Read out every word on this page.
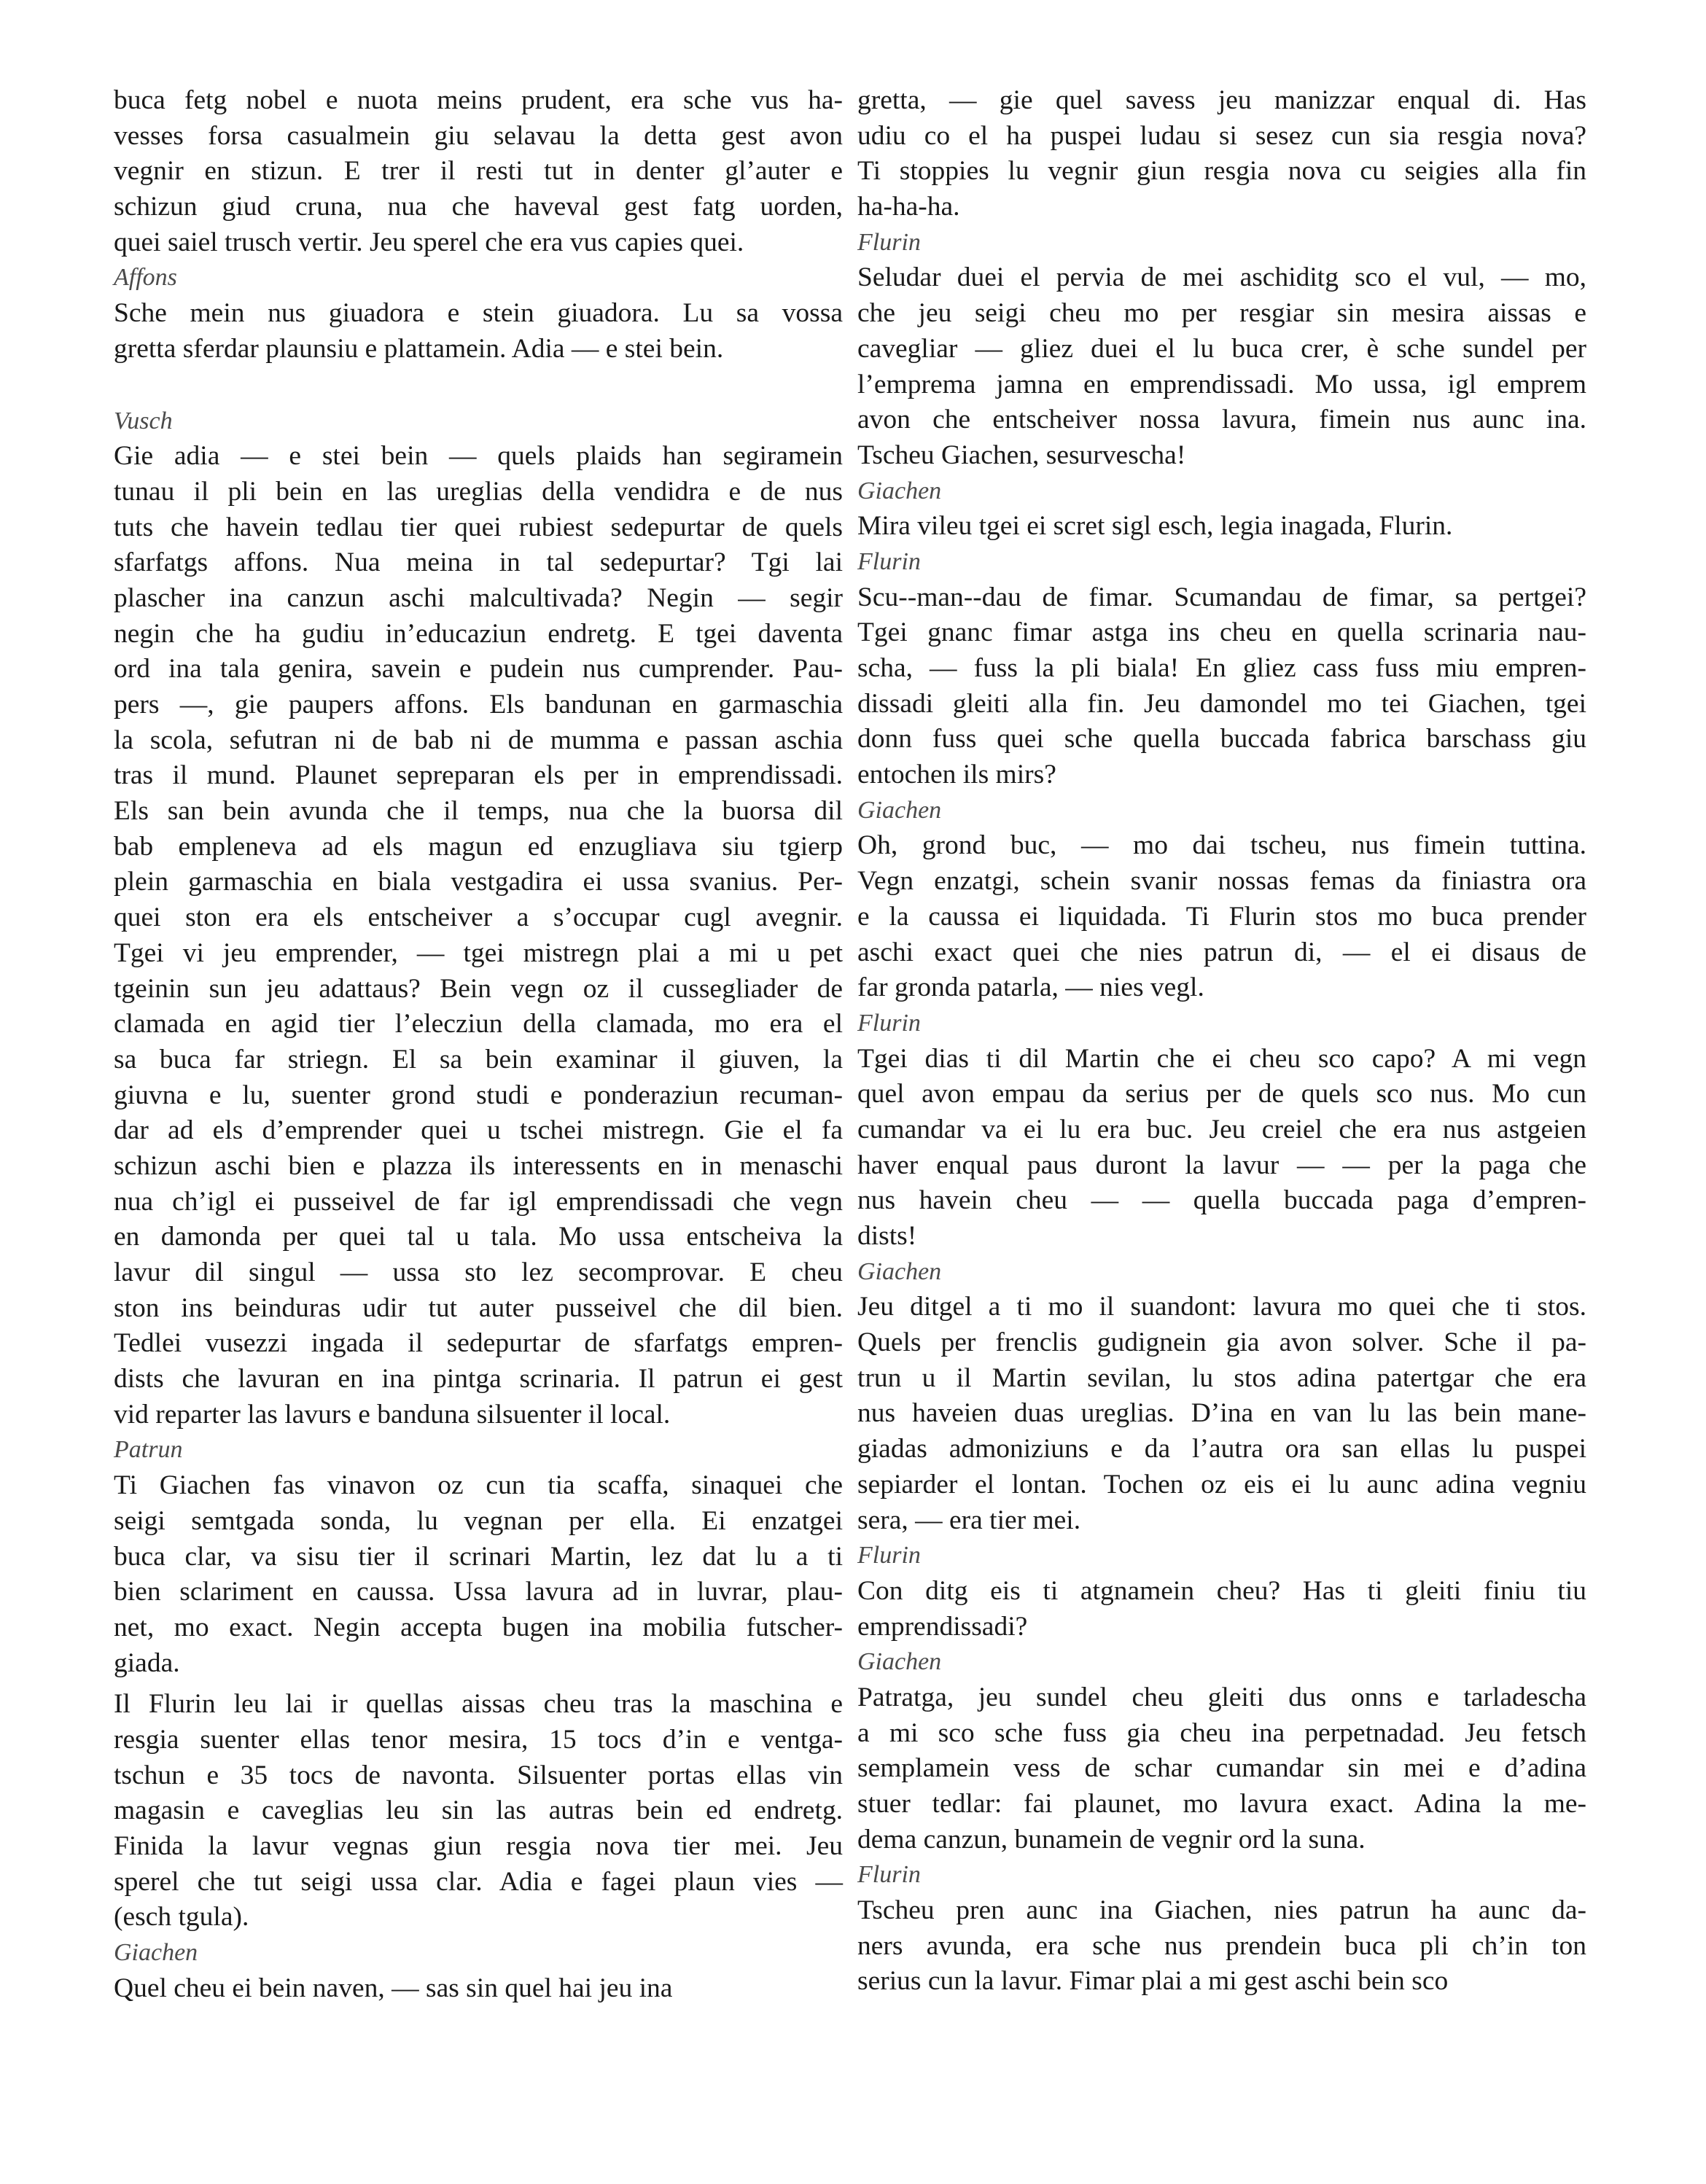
buca fetg nobel e nuota meins prudent, era sche vus ha-
vesses forsa casualmein giu selavau la detta gest avon
vegnir en stizun. E trer il resti tut in denter gl’auter e
schizun giud cruna, nua che haveval gest fatg uorden,
quei saiel trusch vertir. Jeu sperel che era vus capies quei.
Affons
Sche mein nus giuadora e stein giuadora. Lu sa vossa
gretta sferdar plaunsiu e plattamein. Adia — e stei bein.
Vusch
Gie adia — e stei bein — quels plaids han segiramein
tunau il pli bein en las ureglias della vendidra e de nus
tuts che havein tedlau tier quei rubiest sedepurtar de quels
sfarfatgs affons. Nua meina in tal sedepurtar? Tgi lai
plascher ina canzun aschi malcultivada? Negin — segir
negin che ha gudiu in’educaziun endretg. E tgei daventa
ord ina tala genira, savein e pudein nus cumprender. Pau-
pers —, gie paupers affons. Els bandunan en garmaschia
la scola, sefutran ni de bab ni de mumma e passan aschia
tras il mund. Plaunet sepreparan els per in emprendissadi.
Els san bein avunda che il temps, nua che la buorsa dil
bab empleneva ad els magun ed enzugliava siu tgierp
plein garmaschia en biala vestgadira ei ussa svanius. Per-
quei ston era els entscheiver a s’occupar cugl avegnir.
Tgei vi jeu emprender, — tgei mistregn plai a mi u pet
tgeinin sun jeu adattaus? Bein vegn oz il cussegliader de
clamada en agid tier l’elecziun della clamada, mo era el
sa buca far striegn. El sa bein examinar il giuven, la
giuvna e lu, suenter grond studi e ponderaziun recuman-
dar ad els d’emprender quei u tschei mistregn. Gie el fa
schizun aschi bien e plazza ils interessents en in menaschi
nua ch’igl ei pusseivel de far igl emprendissadi che vegn
en damonda per quei tal u tala. Mo ussa entscheiva la
lavur dil singul — ussa sto lez secomprovar. E cheu
ston ins beinduras udir tut auter pusseivel che dil bien.
Tedlei vusezzi ingada il sedepurtar de sfarfatgs empren-
dists che lavuran en ina pintga scrinaria. Il patrun ei gest
vid reparter las lavurs e banduna silsuenter il local.
Patrun
Ti Giachen fas vinavon oz cun tia scaffa, sinaquei che
seigi semtgada sonda, lu vegnan per ella. Ei enzatgei
buca clar, va sisu tier il scrinari Martin, lez dat lu a ti
bien sclariment en caussa. Ussa lavura ad in luvrar, plau-
net, mo exact. Negin accepta bugen ina mobilia futscher-
giada.
Il Flurin leu lai ir quellas aissas cheu tras la maschina e
resgia suenter ellas tenor mesira, 15 tocs d’in e ventga-
tschun e 35 tocs de navonta. Silsuenter portas ellas vin
magasin e caveglias leu sin las autras bein ed endretg.
Finida la lavur vegnas giun resgia nova tier mei. Jeu
sperel che tut seigi ussa clar. Adia e fagei plaun vies —
(esch tgula).
Giachen
Quel cheu ei bein naven, — sas sin quel hai jeu ina
gretta, — gie quel savess jeu manizzar enqual di. Has
udiu co el ha puspei ludau si sesez cun sia resgia nova?
Ti stoppies lu vegnir giun resgia nova cu seigies alla fin
ha-ha-ha.
Flurin
Seludar duei el pervia de mei aschiditg sco el vul, — mo,
che jeu seigi cheu mo per resgiar sin mesira aissas e
cavegliar — gliez duei el lu buca crer, è sche sundel per
l’emprema jamna en emprendissadi. Mo ussa, igl emprem
avon che entscheiver nossa lavura, fimein nus aunc ina.
Tscheu Giachen, sesurvescha!
Giachen
Mira vileu tgei ei scret sigl esch, legia inagada, Flurin.
Flurin
Scu--man--dau de fimar. Scumandau de fimar, sa pertgei?
Tgei gnanc fimar astga ins cheu en quella scrinaria nau-
scha, — fuss la pli biala! En gliez cass fuss miu empren-
dissadi gleiti alla fin. Jeu damondel mo tei Giachen, tgei
donn fuss quei sche quella buccada fabrica barschass giu
entochen ils mirs?
Giachen
Oh, grond buc, — mo dai tscheu, nus fimein tuttina.
Vegn enzatgi, schein svanir nossas femas da finiastra ora
e la caussa ei liquidada. Ti Flurin stos mo buca prender
aschi exact quei che nies patrun di, — el ei disaus de
far gronda patarla, — nies vegl.
Flurin
Tgei dias ti dil Martin che ei cheu sco capo? A mi vegn
quel avon empau da serius per de quels sco nus. Mo cun
cumandar va ei lu era buc. Jeu creiel che era nus astgeien
haver enqual paus duront la lavur — — per la paga che
nus havein cheu — — quella buccada paga d’empren-
dists!
Giachen
Jeu ditgel a ti mo il suandont: lavura mo quei che ti stos.
Quels per frenclis gudignein gia avon solver. Sche il pa-
trun u il Martin sevilan, lu stos adina patertgar che era
nus haveien duas ureglias. D’ina en van lu las bein mane-
giadas admoniziuns e da l’autra ora san ellas lu puspei
sepiarder el lontan. Tochen oz eis ei lu aunc adina vegniu
sera, — era tier mei.
Flurin
Con ditg eis ti atgnamein cheu? Has ti gleiti finiu tiu
emprendissadi?
Giachen
Patratga, jeu sundel cheu gleiti dus onns e tarladescha
a mi sco sche fuss gia cheu ina perpetnadad. Jeu fetsch
semplamein vess de schar cumandar sin mei e d’adina
stuer tedlar: fai plaunet, mo lavura exact. Adina la me-
dema canzun, bunamein de vegnir ord la suna.
Flurin
Tscheu pren aunc ina Giachen, nies patrun ha aunc da-
ners avunda, era sche nus prendein buca pli ch’in ton
serius cun la lavur. Fimar plai a mi gest aschi bein sco
